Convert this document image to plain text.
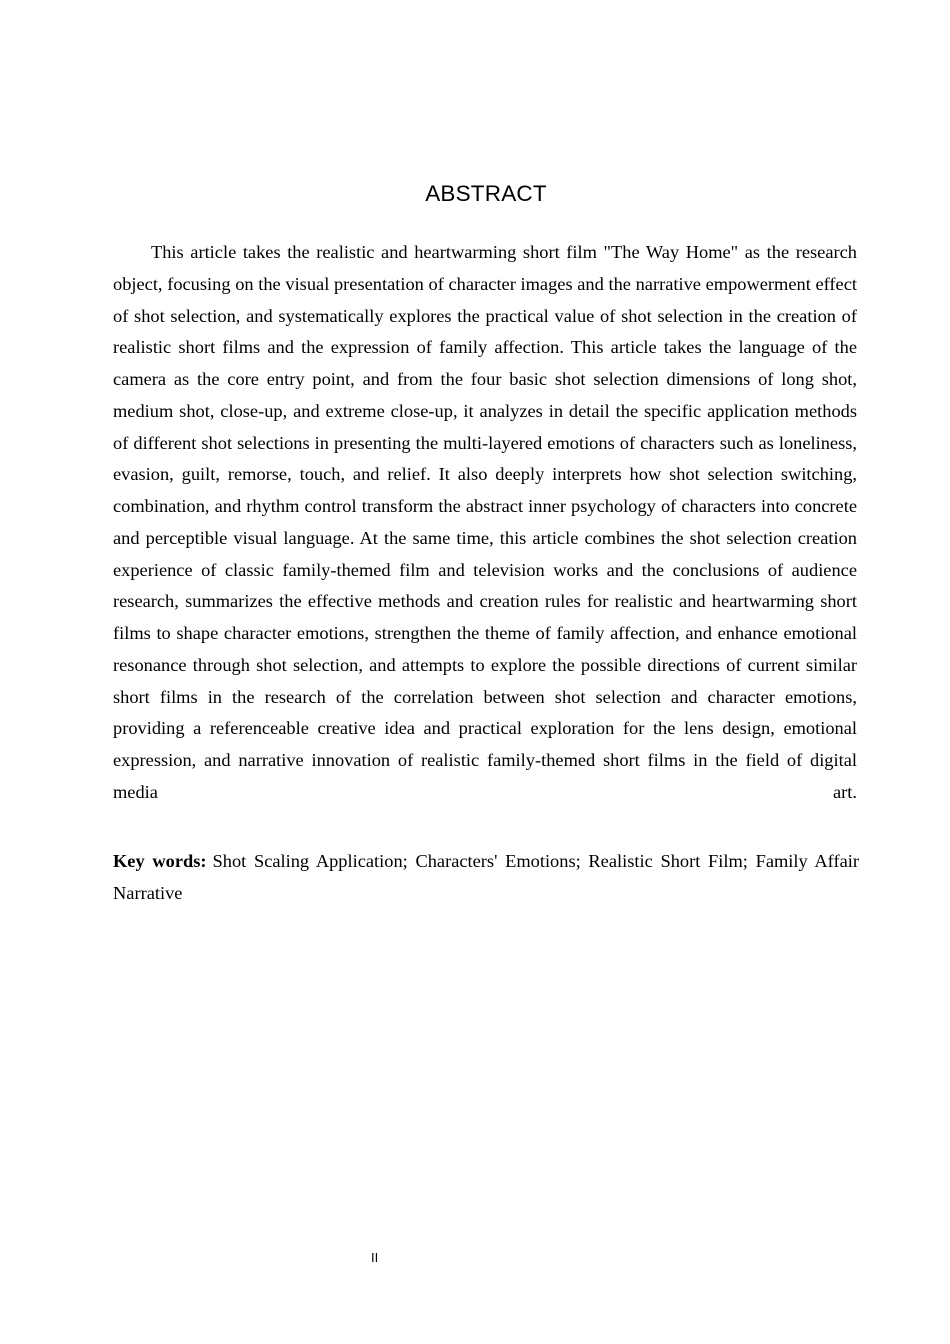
ABSTRACT

This article takes the realistic and heartwarming short film "The Way Home" as the research object, focusing on the visual presentation of character images and the narrative empowerment effect of shot selection, and systematically explores the practical value of shot selection in the creation of realistic short films and the expression of family affection. This article takes the language of the camera as the core entry point, and from the four basic shot selection dimensions of long shot, medium shot, close-up, and extreme close-up, it analyzes in detail the specific application methods of different shot selections in presenting the multi-layered emotions of characters such as loneliness, evasion, guilt, remorse, touch, and relief. It also deeply interprets how shot selection switching, combination, and rhythm control transform the abstract inner psychology of characters into concrete and perceptible visual language. At the same time, this article combines the shot selection creation experience of classic family-themed film and television works and the conclusions of audience research, summarizes the effective methods and creation rules for realistic and heartwarming short films to shape character emotions, strengthen the theme of family affection, and enhance emotional resonance through shot selection, and attempts to explore the possible directions of current similar short films in the research of the correlation between shot selection and character emotions, providing a referenceable creative idea and practical exploration for the lens design, emotional expression, and narrative innovation of realistic family-themed short films in the field of digital media art.

Key words: Shot Scaling Application; Characters' Emotions; Realistic Short Film; Family Affair Narrative

II
